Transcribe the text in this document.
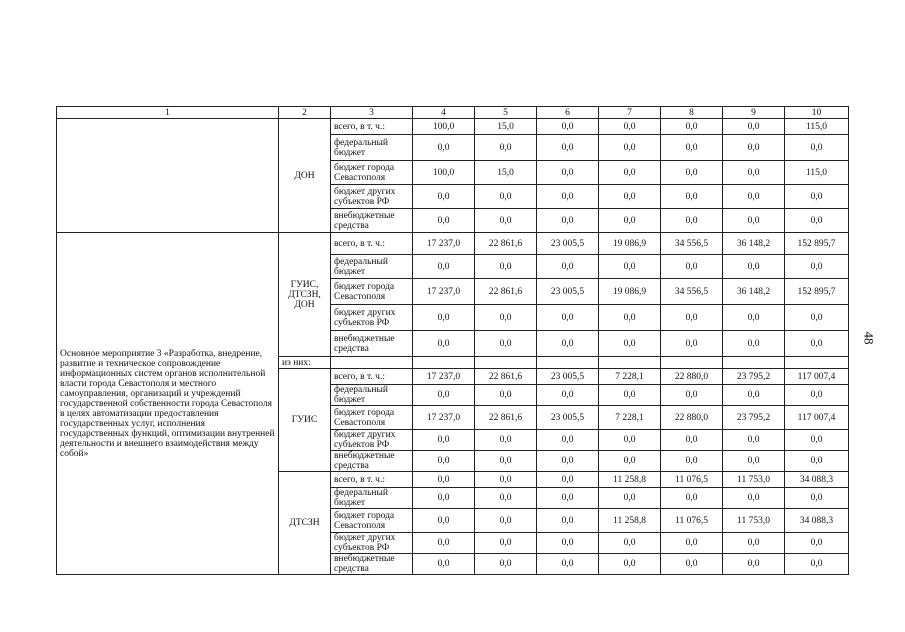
1	2	3	4	5	6	7	8	9	10
	ДОН	всего, в т. ч.:	100,0	15,0	0,0	0,0	0,0	0,0	115,0
		федеральный бюджет	0,0	0,0	0,0	0,0	0,0	0,0	0,0
		бюджет города Севастополя	100,0	15,0	0,0	0,0	0,0	0,0	115,0
		бюджет других субъектов РФ	0,0	0,0	0,0	0,0	0,0	0,0	0,0
		внебюджетные средства	0,0	0,0	0,0	0,0	0,0	0,0	0,0
Основное мероприятие 3 «Разработка, внедрение, развитие и техническое сопровождение информационных систем органов исполнительной власти города Севастополя и местного самоуправления, организаций и учреждений государственной собственности города Севастополя в целях автоматизации предоставления государственных услуг, исполнения государственных функций, оптимизации внутренней деятельности и внешнего взаимодействия между собой»	ГУИС, ДТСЗН, ДОН	всего, в т. ч.:	17 237,0	22 861,6	23 005,5	19 086,9	34 556,5	36 148,2	152 895,7
		федеральный бюджет	0,0	0,0	0,0	0,0	0,0	0,0	0,0
		бюджет города Севастополя	17 237,0	22 861,6	23 005,5	19 086,9	34 556,5	36 148,2	152 895,7
		бюджет других субъектов РФ	0,0	0,0	0,0	0,0	0,0	0,0	0,0
		внебюджетные средства	0,0	0,0	0,0	0,0	0,0	0,0	0,0
	из них:								
	ГУИС	всего, в т. ч.:	17 237,0	22 861,6	23 005,5	7 228,1	22 880,0	23 795,2	117 007,4
		федеральный бюджет	0,0	0,0	0,0	0,0	0,0	0,0	0,0
		бюджет города Севастополя	17 237,0	22 861,6	23 005,5	7 228,1	22 880,0	23 795,2	117 007,4
		бюджет других субъектов РФ	0,0	0,0	0,0	0,0	0,0	0,0	0,0
		внебюджетные средства	0,0	0,0	0,0	0,0	0,0	0,0	0,0
	ДТСЗН	всего, в т. ч.:	0,0	0,0	0,0	11 258,8	11 076,5	11 753,0	34 088,3
		федеральный бюджет	0,0	0,0	0,0	0,0	0,0	0,0	0,0
		бюджет города Севастополя	0,0	0,0	0,0	11 258,8	11 076,5	11 753,0	34 088,3
		бюджет других субъектов РФ	0,0	0,0	0,0	0,0	0,0	0,0	0,0
		внебюджетные средства	0,0	0,0	0,0	0,0	0,0	0,0	0,0
48
